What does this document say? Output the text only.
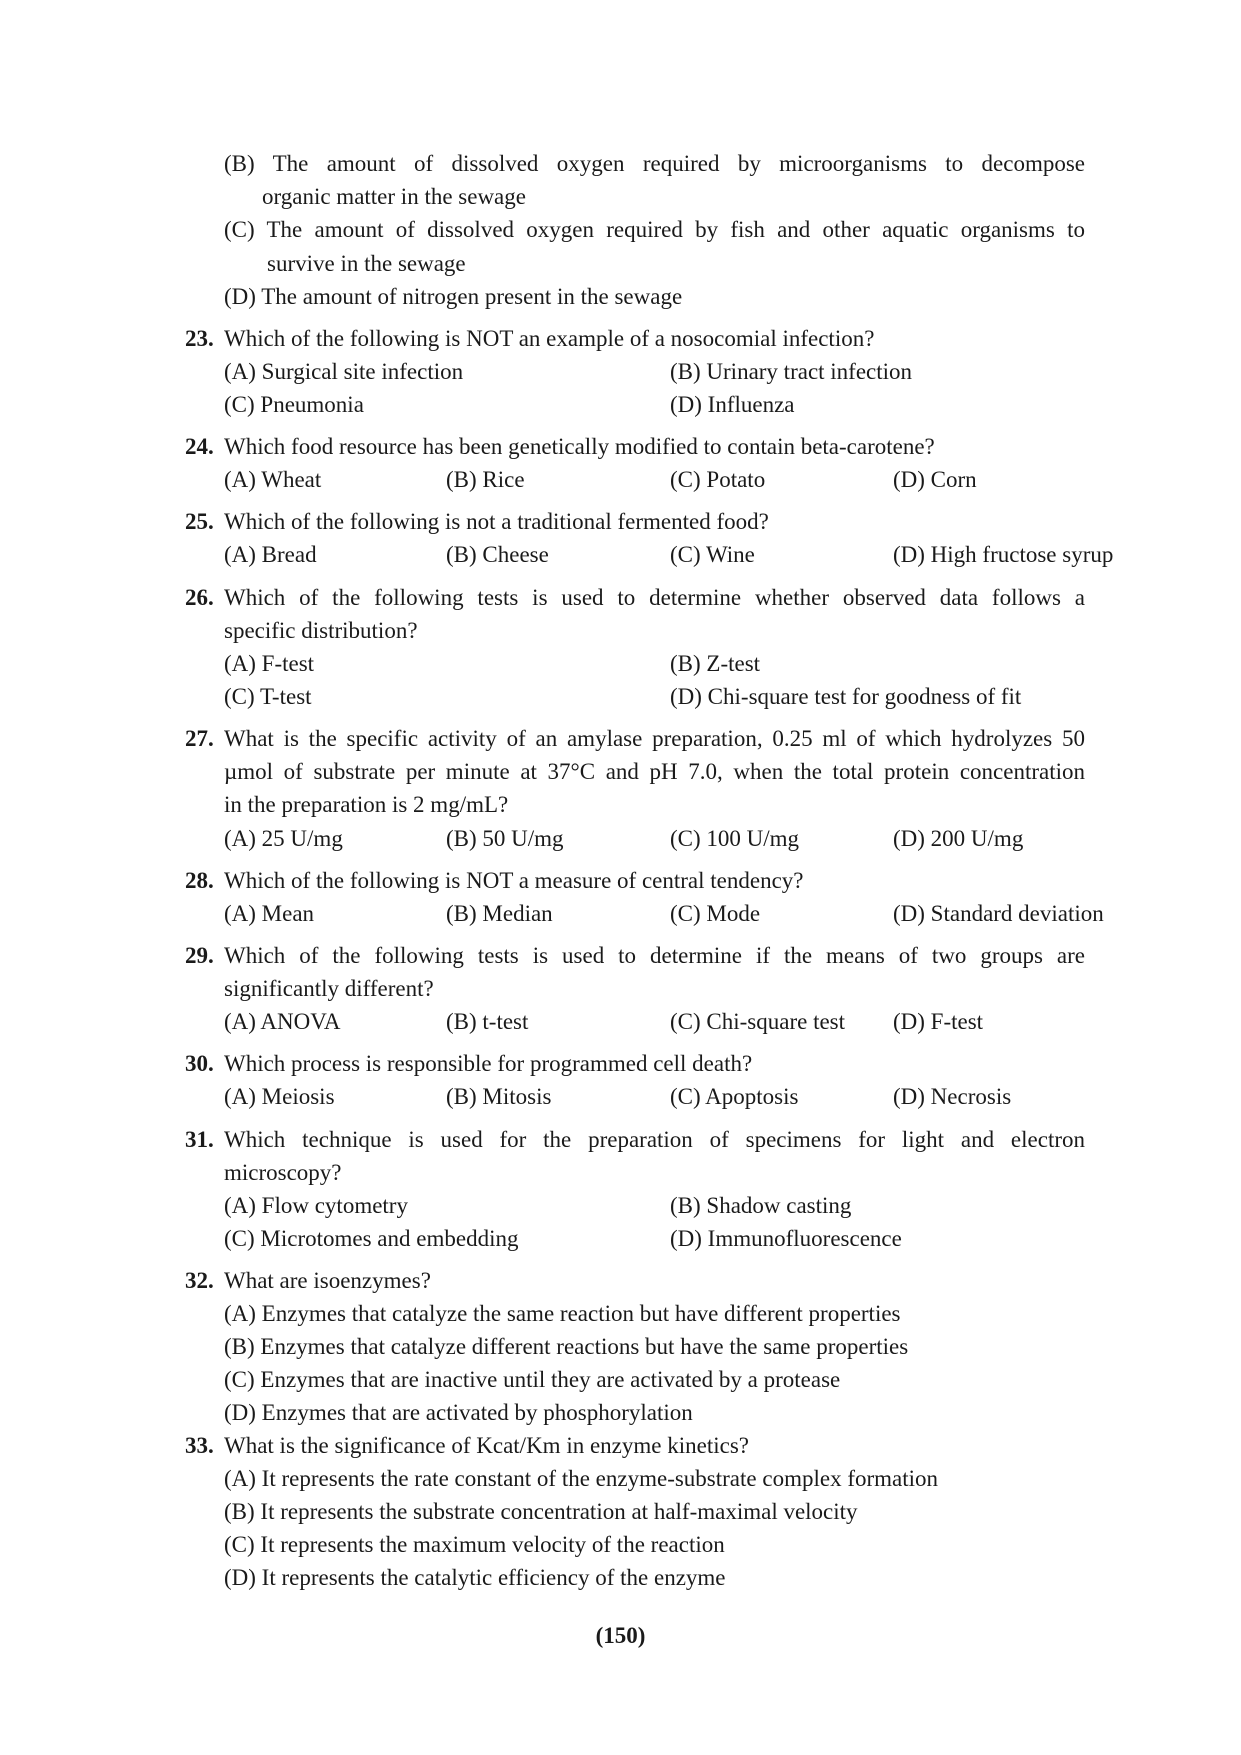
(B) The amount of dissolved oxygen required by microorganisms to decompose
organic matter in the sewage
(C) The amount of dissolved oxygen required by fish and other aquatic organisms to
survive in the sewage
(D) The amount of nitrogen present in the sewage
23. Which of the following is NOT an example of a nosocomial infection?
(A) Surgical site infection	(B) Urinary tract infection
(C) Pneumonia	(D) Influenza
24. Which food resource has been genetically modified to contain beta-carotene?
(A) Wheat	(B) Rice	(C) Potato	(D) Corn
25. Which of the following is not a traditional fermented food?
(A) Bread	(B) Cheese	(C) Wine	(D) High fructose syrup
26. Which of the following tests is used to determine whether observed data follows a
specific distribution?
(A) F-test	(B) Z-test
(C) T-test	(D) Chi-square test for goodness of fit
27. What is the specific activity of an amylase preparation, 0.25 ml of which hydrolyzes 50
µmol of substrate per minute at 37°C and pH 7.0, when the total protein concentration
in the preparation is 2 mg/mL?
(A) 25 U/mg	(B) 50 U/mg	(C) 100 U/mg	(D) 200 U/mg
28. Which of the following is NOT a measure of central tendency?
(A) Mean	(B) Median	(C) Mode	(D) Standard deviation
29. Which of the following tests is used to determine if the means of two groups are
significantly different?
(A) ANOVA	(B) t-test	(C) Chi-square test (D) F-test
30. Which process is responsible for programmed cell death?
(A) Meiosis	(B) Mitosis	(C) Apoptosis	(D) Necrosis
31. Which technique is used for the preparation of specimens for light and electron
microscopy?
(A) Flow cytometry	(B) Shadow casting
(C) Microtomes and embedding	(D) Immunofluorescence
32. What are isoenzymes?
(A) Enzymes that catalyze the same reaction but have different properties
(B) Enzymes that catalyze different reactions but have the same properties
(C) Enzymes that are inactive until they are activated by a protease
(D) Enzymes that are activated by phosphorylation
33. What is the significance of Kcat/Km in enzyme kinetics?
(A) It represents the rate constant of the enzyme-substrate complex formation
(B) It represents the substrate concentration at half-maximal velocity
(C) It represents the maximum velocity of the reaction
(D) It represents the catalytic efficiency of the enzyme
(150)
